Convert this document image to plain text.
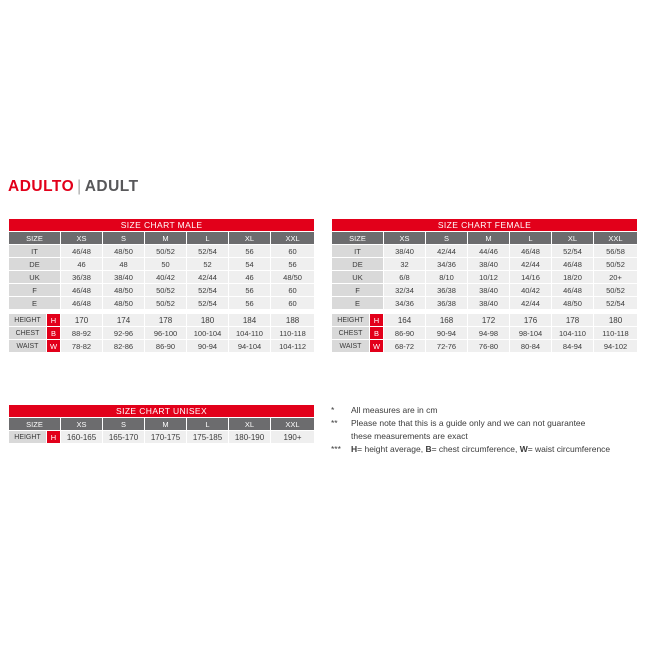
ADULTO | ADULT
SIZE CHART MALE							
SIZE		XS	S	M	L	XL	XXL
IT		46/48	48/50	50/52	52/54	56	60
DE		46	48	50	52	54	56
UK		36/38	38/40	40/42	42/44	46	48/50
F		46/48	48/50	50/52	52/54	56	60
E		46/48	48/50	50/52	52/54	56	60

HEIGHT	H	170	174	178	180	184	188
CHEST	B	88-92	92-96	96-100	100-104	104-110	110-118
WAIST	W	78-82	82-86	86-90	90-94	94-104	104-112
SIZE CHART FEMALE							
SIZE		XS	S	M	L	XL	XXL
IT		38/40	42/44	44/46	46/48	52/54	56/58
DE		32	34/36	38/40	42/44	46/48	50/52
UK		6/8	8/10	10/12	14/16	18/20	20+
F		32/34	36/38	38/40	40/42	46/48	50/52
E		34/36	36/38	38/40	42/44	48/50	52/54

HEIGHT	H	164	168	172	176	178	180
CHEST	B	86-90	90-94	94-98	98-104	104-110	110-118
WAIST	W	68-72	72-76	76-80	80-84	84-94	94-102
SIZE CHART UNISEX							
SIZE		XS	S	M	L	XL	XXL
HEIGHT	H	160-165	165-170	170-175	175-185	180-190	190+
*	All measures are in cm
**	Please note that this is a guide only and we can not guarantee
these measurements are exact
***	H= height average, B= chest circumference, W= waist circumference
